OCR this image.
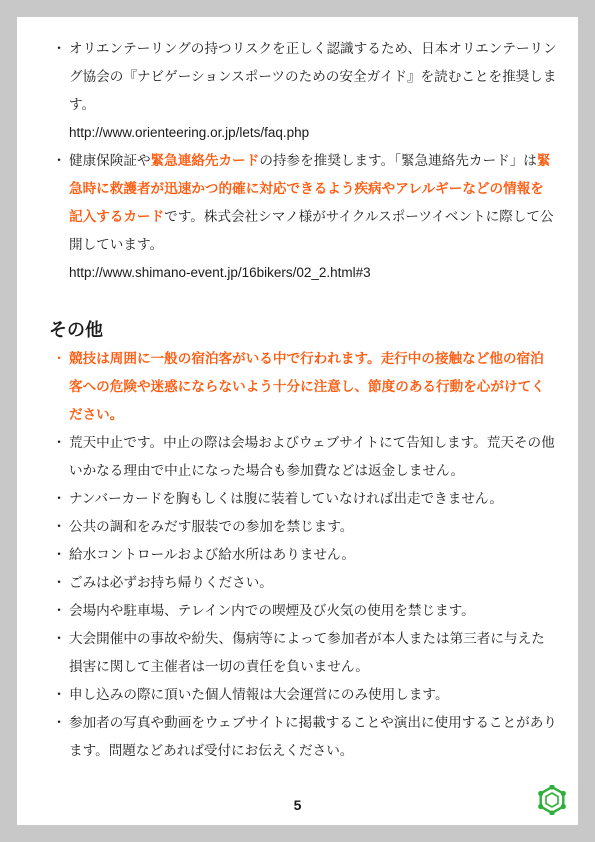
・ オリエンテーリングの持つリスクを正しく認識するため、日本オリエンテーリング協会の『ナビゲーションスポーツのための安全ガイド』を読むことを推奨します。
http://www.orienteering.or.jp/lets/faq.php
・ 健康保険証や緊急連絡先カードの持参を推奨します。「緊急連絡先カード」は緊急時に救護者が迅速かつ的確に対応できるよう疾病やアレルギーなどの情報を記入するカードです。株式会社シマノ様がサイクルスポーツイベントに際して公開しています。
http://www.shimano-event.jp/16bikers/02_2.html#3
その他
・ 競技は周囲に一般の宿泊客がいる中で行われます。走行中の接触など他の宿泊客への危険や迷惑にならないよう十分に注意し、節度のある行動を心がけてください。
・ 荒天中止です。中止の際は会場およびウェブサイトにて告知します。荒天その他いかなる理由で中止になった場合も参加費などは返金しません。
・ ナンバーカードを胸もしくは腹に装着していなければ出走できません。
・ 公共の調和をみだす服装での参加を禁じます。
・ 給水コントロールおよび給水所はありません。
・ ごみは必ずお持ち帰りください。
・ 会場内や駐車場、テレイン内での喫煙及び火気の使用を禁じます。
・ 大会開催中の事故や紛失、傷病等によって参加者が本人または第三者に与えた損害に関して主催者は一切の責任を負いません。
・ 申し込みの際に頂いた個人情報は大会運営にのみ使用します。
・ 参加者の写真や動画をウェブサイトに掲載することや演出に使用することがあります。問題などあれば受付にお伝えください。
5
